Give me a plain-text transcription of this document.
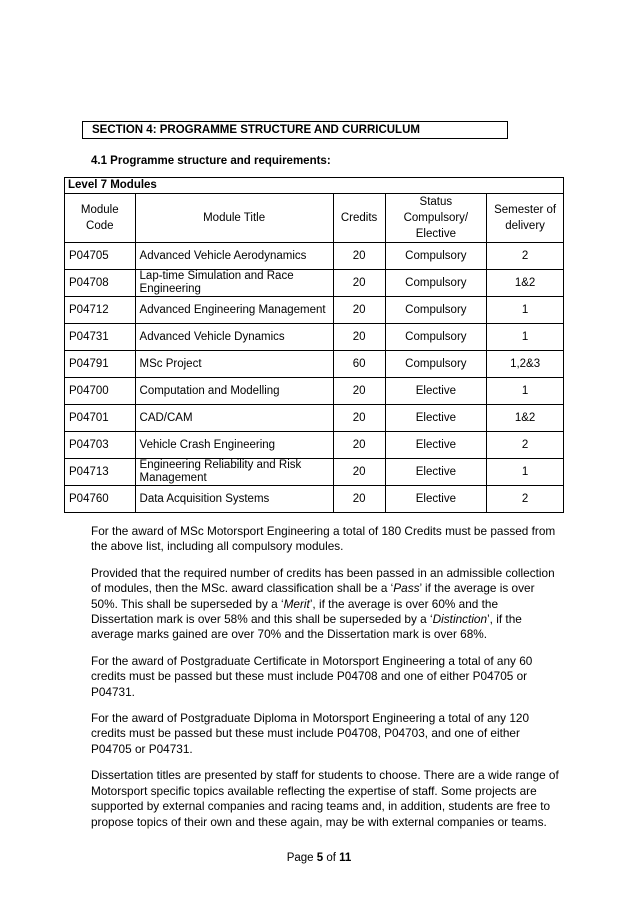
SECTION 4: PROGRAMME STRUCTURE AND CURRICULUM
4.1 Programme structure and requirements:
Level 7 Modules				
Module Code	Module Title	Credits	Status Compulsory/ Elective	Semester of delivery
P04705	Advanced Vehicle Aerodynamics	20	Compulsory	2
P04708	Lap-time Simulation and Race Engineering	20	Compulsory	1&2
P04712	Advanced Engineering Management	20	Compulsory	1
P04731	Advanced Vehicle Dynamics	20	Compulsory	1
P04791	MSc Project	60	Compulsory	1,2&3
P04700	Computation and Modelling	20	Elective	1
P04701	CAD/CAM	20	Elective	1&2
P04703	Vehicle Crash Engineering	20	Elective	2
P04713	Engineering Reliability and Risk Management	20	Elective	1
P04760	Data Acquisition Systems	20	Elective	2

For the award of MSc Motorsport Engineering a total of 180 Credits must be passed from the above list, including all compulsory modules.

Provided that the required number of credits has been passed in an admissible collection of modules, then the MSc. award classification shall be a ‘Pass’ if the average is over 50%. This shall be superseded by a ‘Merit’, if the average is over 60% and the Dissertation mark is over 58% and this shall be superseded by a ‘Distinction’, if the average marks gained are over 70% and the Dissertation mark is over 68%.

For the award of Postgraduate Certificate in Motorsport Engineering a total of any 60 credits must be passed but these must include P04708 and one of either P04705 or P04731.

For the award of Postgraduate Diploma in Motorsport Engineering a total of any 120 credits must be passed but these must include P04708, P04703, and one of either P04705 or P04731.

Dissertation titles are presented by staff for students to choose. There are a wide range of Motorsport specific topics available reflecting the expertise of staff. Some projects are supported by external companies and racing teams and, in addition, students are free to propose topics of their own and these again, may be with external companies or teams.

Page 5 of 11
